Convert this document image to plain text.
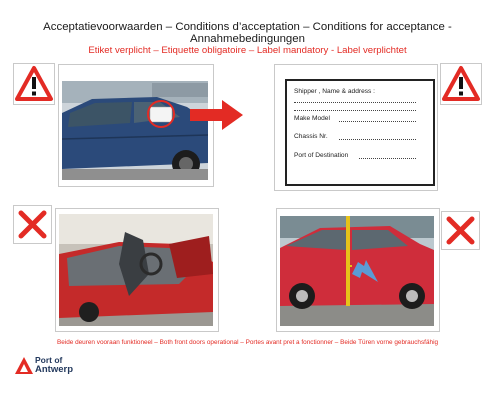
Acceptatievoorwaarden – Conditions d’acceptation – Conditions for acceptance - Annahmebedingungen
Etiket verplicht – Etiquette obligatoire – Label mandatory - Label verplichtet
Shipper , Name & address :
Make Model
Chassis Nr.
Port of Destination
Beide deuren vooraan funktioneel – Both front doors operational – Portes avant pret a fonctionner – Beide Türen vorne gebrauchsfähig
Port of
Antwerp
